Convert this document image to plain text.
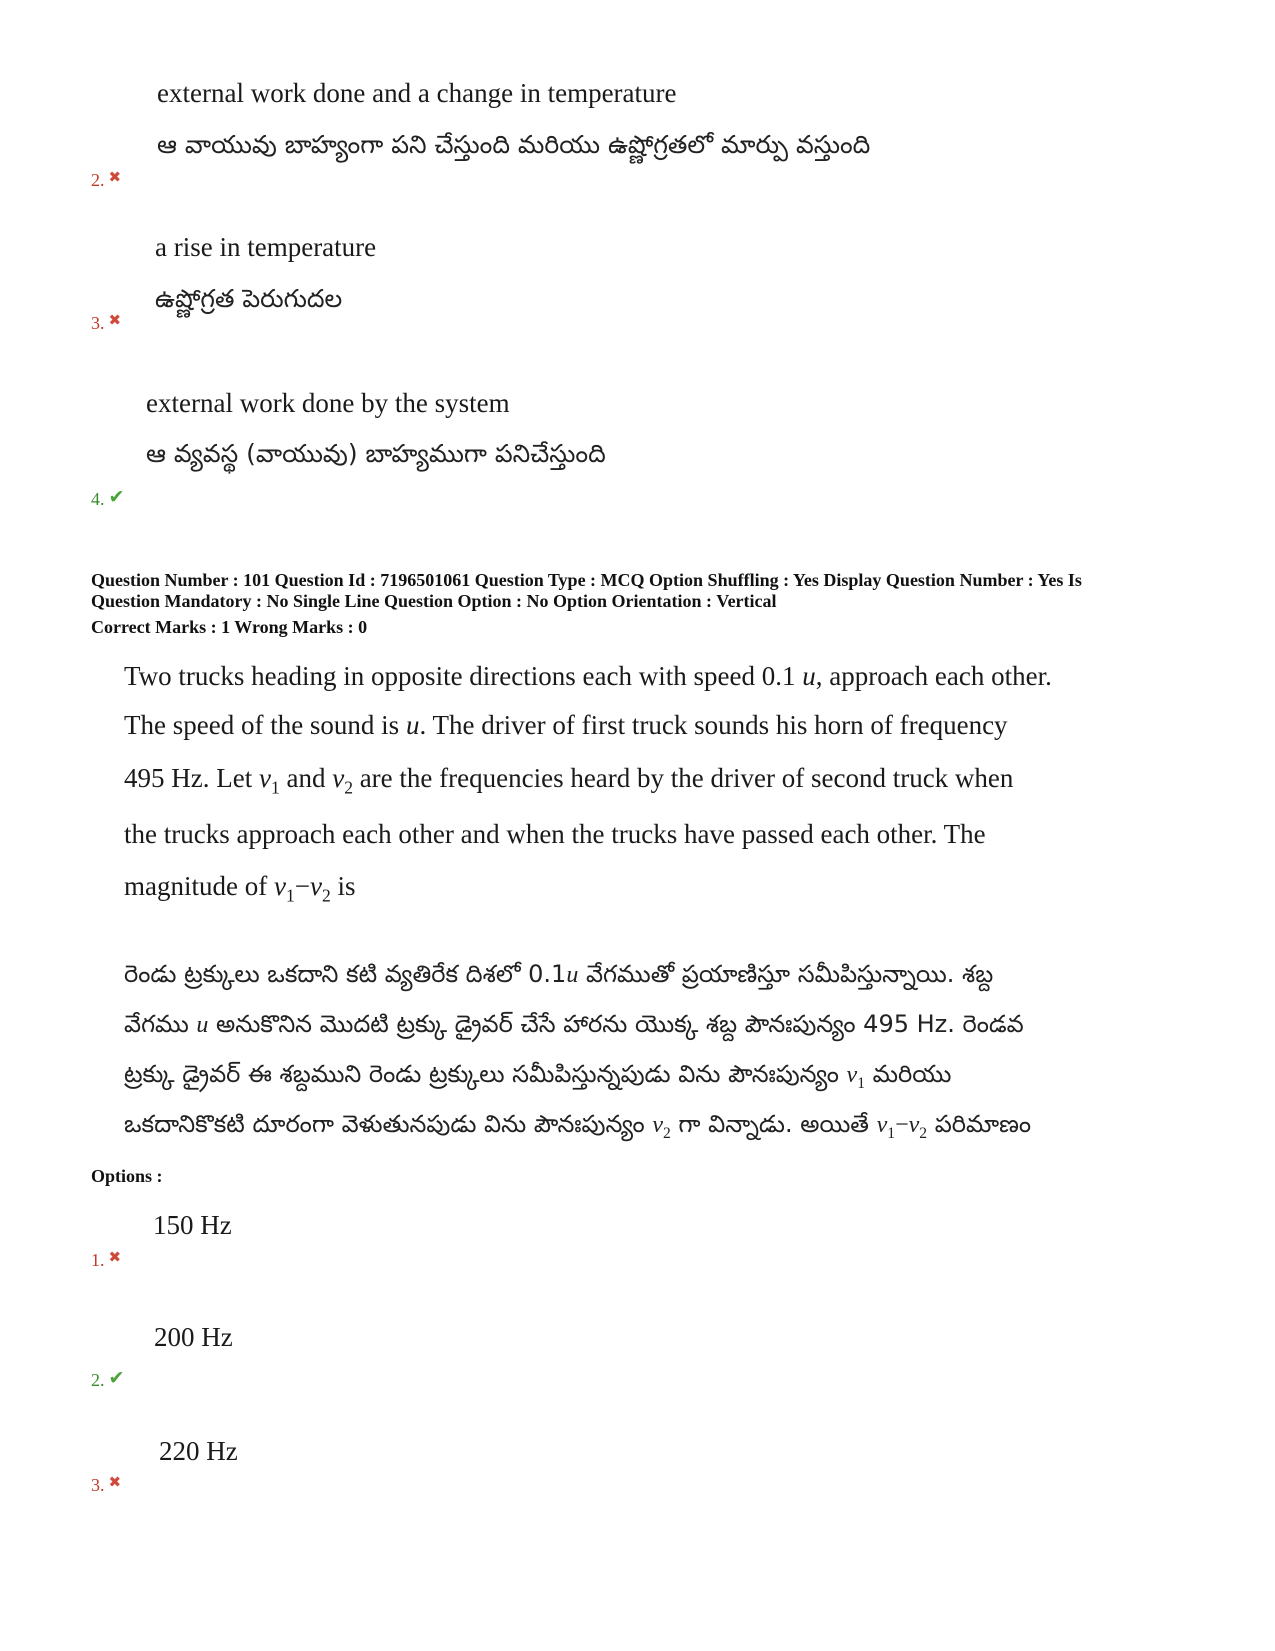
external work done and a change in temperature
ఆ వాయువు బాహ్యంగా పని చేస్తుంది మరియు ఉష్ణోగ్రతలో మార్పు వస్తుంది
2. ✖
a rise in temperature
ఉష్ణోగ్రత పెరుగుదల
3. ✖
external work done by the system
ఆ వ్యవస్థ (వాయువు) బాహ్యముగా పనిచేస్తుంది
4. ✔
Question Number : 101 Question Id : 7196501061 Question Type : MCQ Option Shuffling : Yes Display Question Number : Yes Is
Question Mandatory : No Single Line Question Option : No Option Orientation : Vertical
Correct Marks : 1 Wrong Marks : 0
Two trucks heading in opposite directions each with speed 0.1 u, approach each other.
The speed of the sound is u. The driver of first truck sounds his horn of frequency
495 Hz. Let $\nu_1$ and $\nu_2$ are the frequencies heard by the driver of second truck when
the trucks approach each other and when the trucks have passed each other. The
magnitude of $\nu_1-\nu_2$ is
రెండు ట్రక్కులు ఒకదాని కటి వ్యతిరేక దిశలో 0.1u వేగముతో ప్రయాణిస్తూ సమీపిస్తున్నాయి. శబ్ద
వేగము u అనుకొనిన మొదటి ట్రక్కు డ్రైవర్ చేసే హారను యొక్క శబ్ద పౌనఃపున్యం 495 Hz. రెండవ
ట్రక్కు డ్రైవర్ ఈ శబ్దముని రెండు ట్రక్కులు సమీపిస్తున్నపుడు విను పౌనఃపున్యం $\nu_1$ మరియు
ఒకదానికొకటి దూరంగా వెళుతునపుడు విను పౌనఃపున్యం $\nu_2$ గా విన్నాడు. అయితే $\nu_1-\nu_2$ పరిమాణం
Options :
150 Hz
1. ✖
200 Hz
2. ✔
220 Hz
3. ✖
